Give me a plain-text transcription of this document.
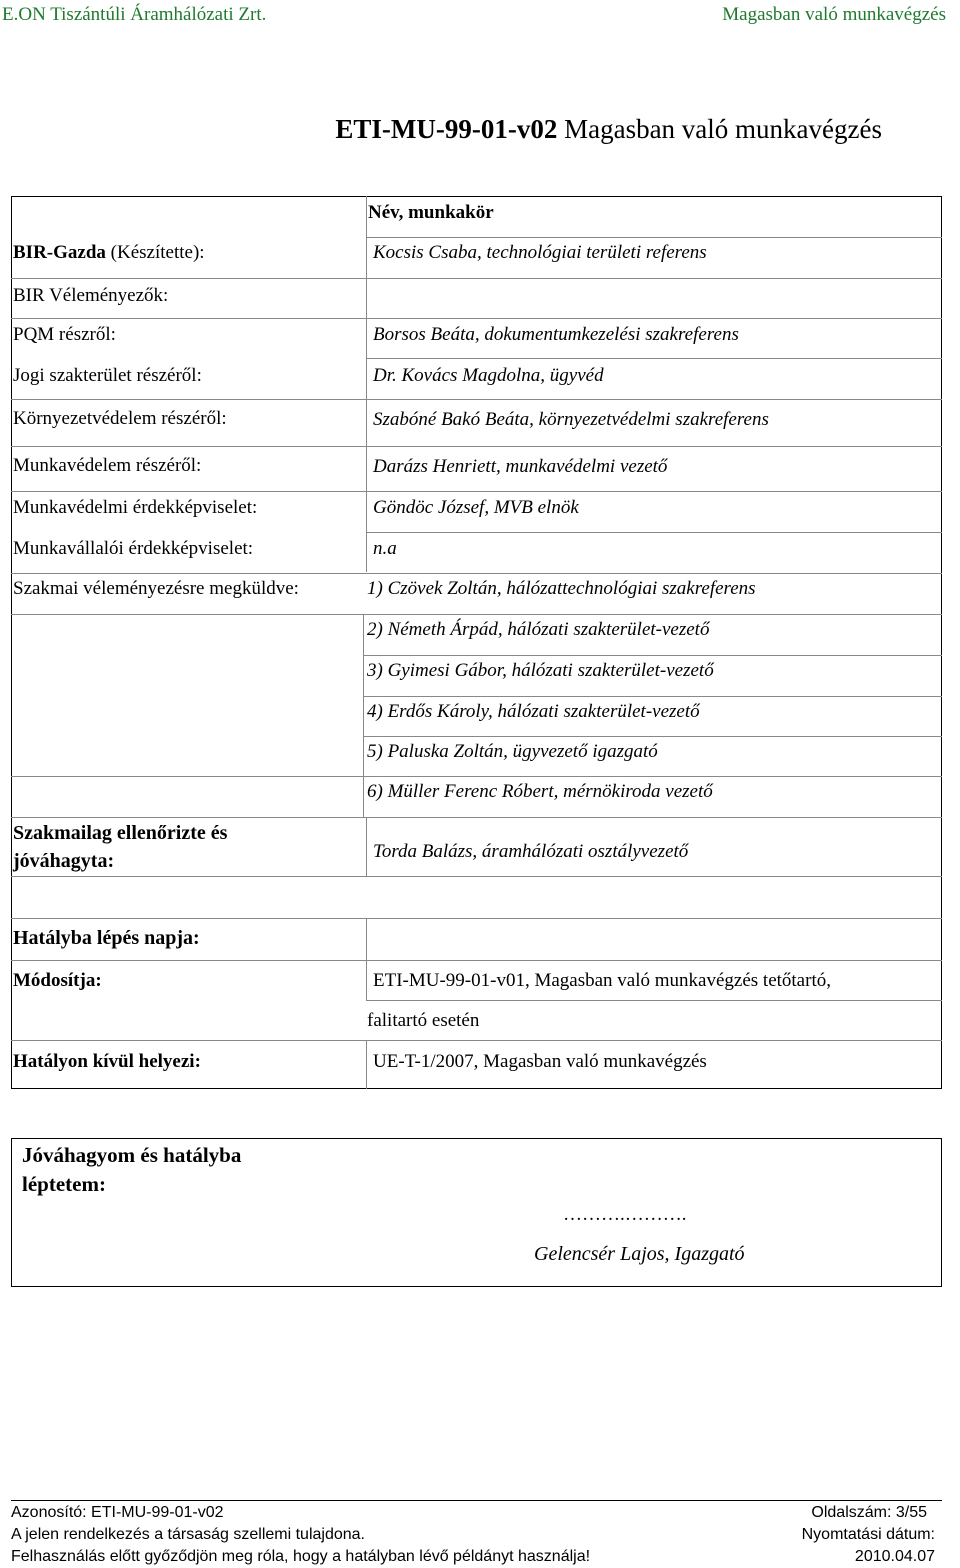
E.ON Tiszántúli Áramhálózati Zrt.	Magasban való munkavégzés
ETI-MU-99-01-v02 Magasban való munkavégzés
Név, munkakör
BIR-Gazda (Készítette):	Kocsis Csaba, technológiai területi referens
BIR Véleményezők:
PQM részről:	Borsos Beáta, dokumentumkezelési szakreferens
Jogi szakterület részéről:	Dr. Kovács Magdolna, ügyvéd
Környezetvédelem részéről:	Szabóné Bakó Beáta, környezetvédelmi szakreferens
Munkavédelem részéről:	Darázs Henriett, munkavédelmi vezető
Munkavédelmi érdekképviselet:	Göndöc József, MVB elnök
Munkavállalói érdekképviselet:	n.a
Szakmai véleményezésre megküldve:	1) Czövek Zoltán, hálózattechnológiai szakreferens
2) Németh Árpád, hálózati szakterület-vezető
3) Gyimesi Gábor, hálózati szakterület-vezető
4) Erdős Károly, hálózati szakterület-vezető
5) Paluska Zoltán, ügyvezető igazgató
6) Müller Ferenc Róbert, mérnökiroda vezető
Szakmailag ellenőrizte és
jóváhagyta:	Torda Balázs, áramhálózati osztályvezető
Hatályba lépés napja:
Módosítja:	ETI-MU-99-01-v01, Magasban való munkavégzés tetőtartó,
falitartó esetén
Hatályon kívül helyezi:	UE-T-1/2007, Magasban való munkavégzés
Jóváhagyom és hatályba
léptetem:
……….……….
Gelencsér Lajos, Igazgató
Azonosító: ETI-MU-99-01-v02	Oldalszám: 3/55
A jelen rendelkezés a társaság szellemi tulajdona.	Nyomtatási dátum:
Felhasználás előtt győződjön meg róla, hogy a hatályban lévő példányt használja!	2010.04.07
